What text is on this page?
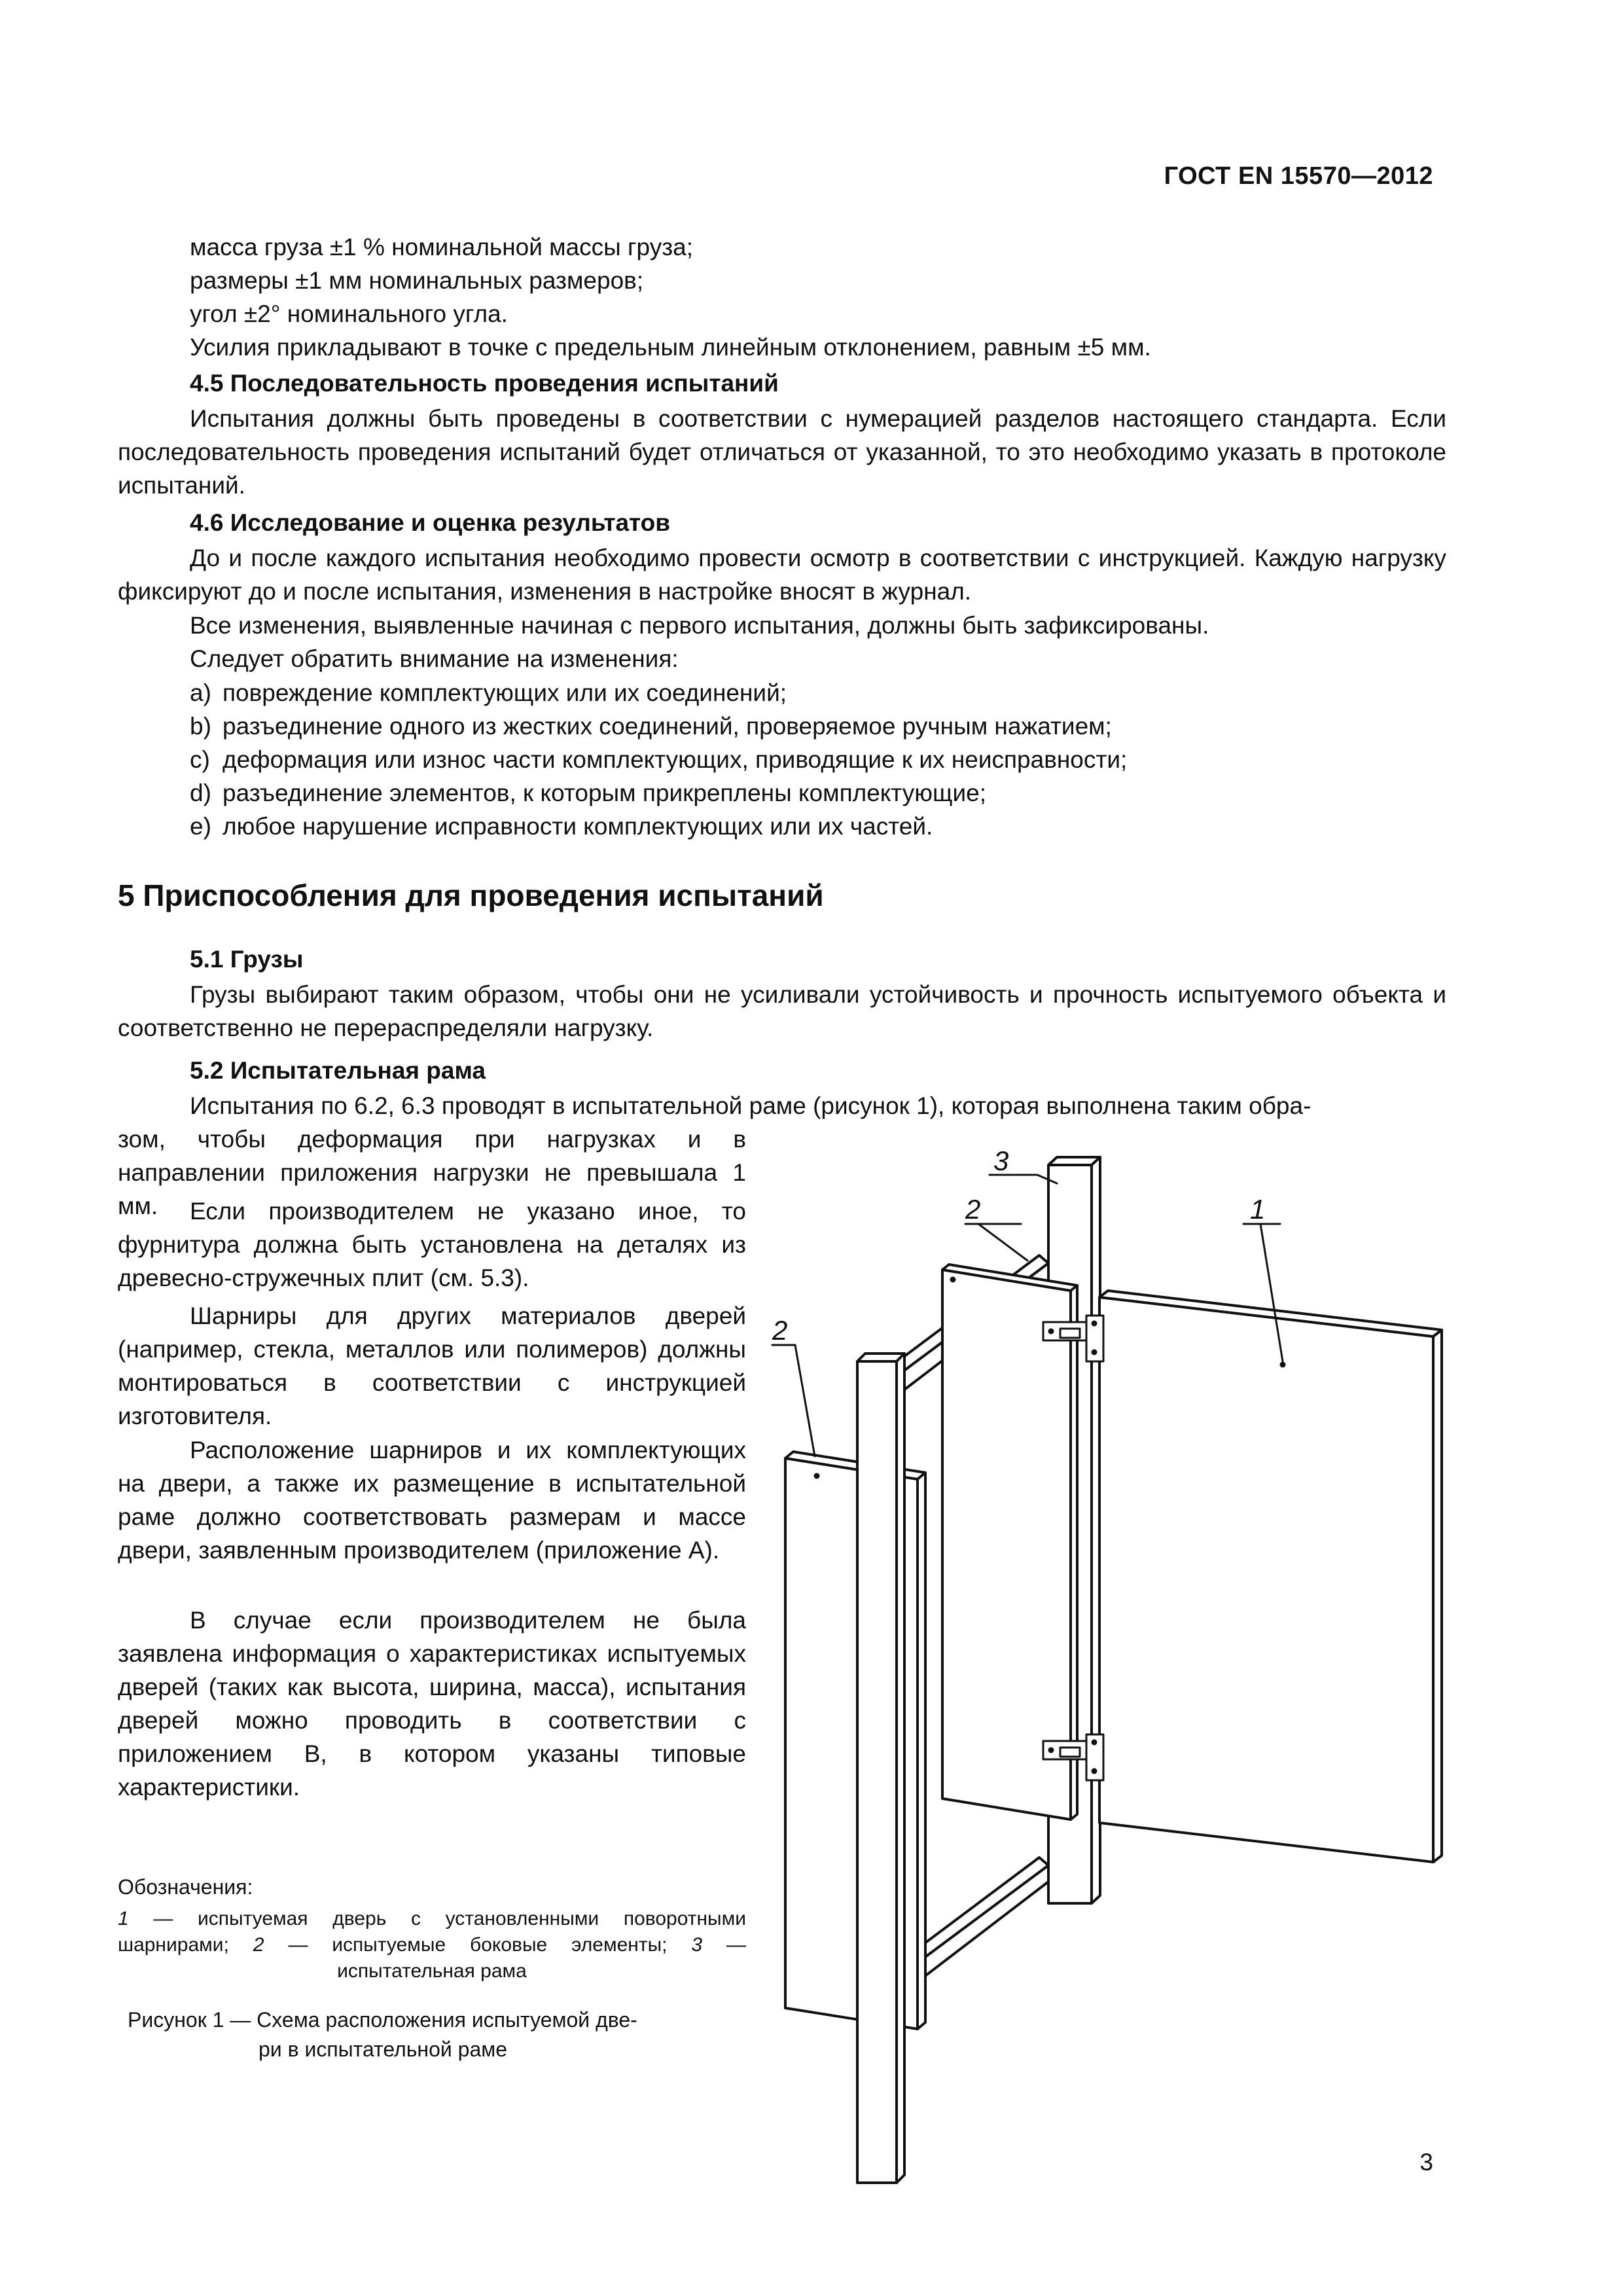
ГОСТ EN 15570—2012

масса груза ±1 % номинальной массы груза;

размеры ±1 мм номинальных размеров;

угол ±2° номинального угла.

Усилия прикладывают в точке с предельным линейным отклонением, равным ±5 мм.

4.5 Последовательность проведения испытаний

Испытания должны быть проведены в соответствии с нумерацией разделов настоящего стандарта. Если последовательность проведения испытаний будет отличаться от указанной, то это необходимо указать в протоколе испытаний.

4.6 Исследование и оценка результатов

До и после каждого испытания необходимо провести осмотр в соответствии с инструкцией. Каждую нагрузку фиксируют до и после испытания, изменения в настройке вносят в журнал.

Все изменения, выявленные начиная с первого испытания, должны быть зафиксированы.

Следует обратить внимание на изменения:

a) повреждение комплектующих или их соединений;
b) разъединение одного из жестких соединений, проверяемое ручным нажатием;
c) деформация или износ части комплектующих, приводящие к их неисправности;
d) разъединение элементов, к которым прикреплены комплектующие;
e) любое нарушение исправности комплектующих или их частей.
5 Приспособления для проведения испытаний
5.1 Грузы

Грузы выбирают таким образом, чтобы они не усиливали устойчивость и прочность испытуемого объекта и соответственно не перераспределяли нагрузку.

5.2 Испытательная рама

Испытания по 6.2, 6.3 проводят в испытательной раме (рисунок 1), которая выполнена таким обра-

зом, чтобы деформация при нагрузках и в направлении приложения нагрузки не превышала 1 мм.	Если производителем не указано иное, то фурнитура должна быть установлена на деталях из древесно-стружечных плит (см. 5.3).

Шарниры для других материалов дверей (например, стекла, металлов или полимеров) должны монтироваться в соответствии с инструкцией изготовителя.

Расположение шарниров и их комплектующих на двери, а также их размещение в испытательной раме должно соответствовать размерам и массе двери, заявленным производителем (приложение А).

В случае если производителем не была заявлена информация о характеристиках испытуемых дверей (таких как высота, ширина, масса), испытания дверей можно проводить в соответствии с приложением В, в котором указаны типовые характеристики.

Обозначения:

1 — испытуемая дверь с установленными поворотными шарнирами; 2 — испытуемые боковые элементы; 3 — испытательная рама

Рисунок 1 — Схема расположения испытуемой две-

ри в испытательной раме

3
2	1
2
3
